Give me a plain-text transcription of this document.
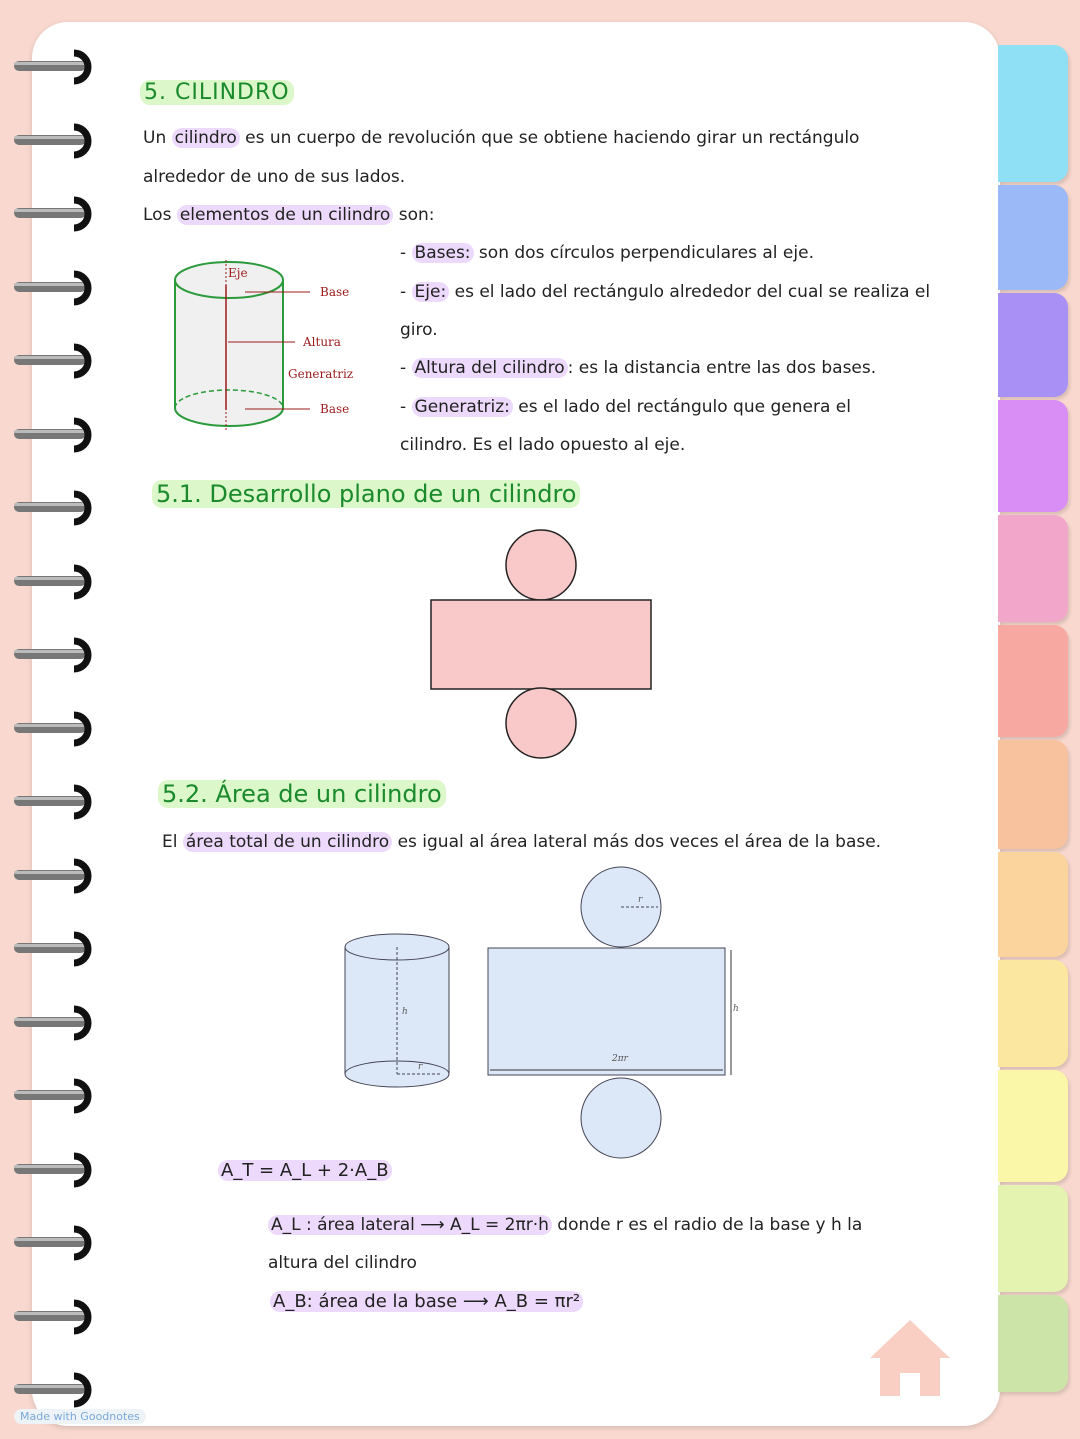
5. CILINDRO
Un cilindro es un cuerpo de revolución que se obtiene haciendo girar un rectángulo
alrededor de uno de sus lados.
Los elementos de un cilindro son:
- Bases: son dos círculos perpendiculares al eje.
- Eje: es el lado del rectángulo alrededor del cual se realiza el
giro.
- Altura del cilindro : es la distancia entre las dos bases.
- Generatriz: es el lado del rectángulo que genera el
cilindro. Es el lado opuesto al eje.
Eje
Base
Altura
Generatriz
Base
5.1. Desarrollo plano de un cilindro
5.2. Área de un cilindro
El área total de un cilindro es igual al área lateral más dos veces el área de la base.
h
r
r
h
2πr
A_T = A_L + 2·A_B
A_L : área lateral ⟶ A_L = 2πr·h donde r es el radio de la base y h la
altura del cilindro
A_B: área de la base ⟶ A_B = πr²
Made with Goodnotes
